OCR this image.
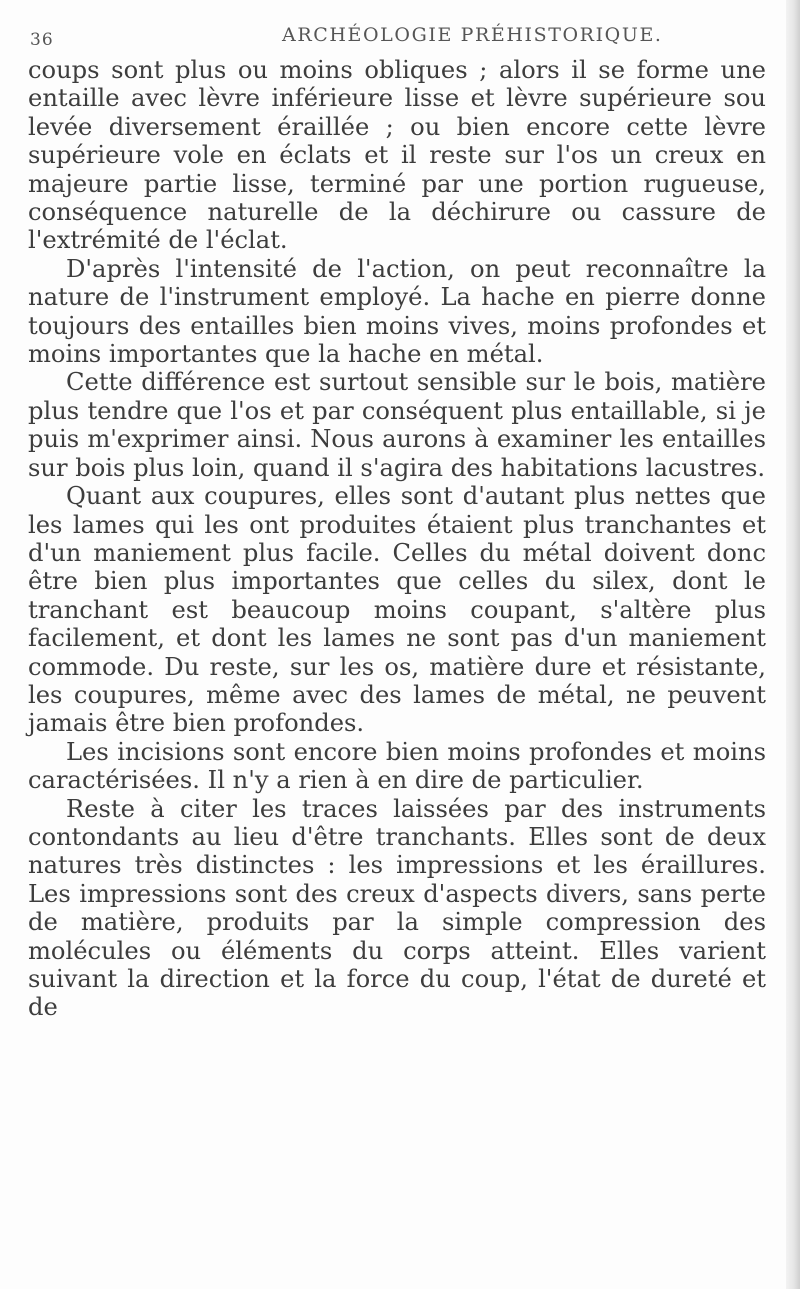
36	ARCHÉOLOGIE PRÉHISTORIQUE.

coups sont plus ou moins obliques ; alors il se forme une entaille avec lèvre inférieure lisse et lèvre supérieure sou levée diversement éraillée ; ou bien encore cette lèvre supérieure vole en éclats et il reste sur l'os un creux en majeure partie lisse, terminé par une portion rugueuse, conséquence naturelle de la déchirure ou cassure de l'extrémité de l'éclat.

D'après l'intensité de l'action, on peut reconnaître la nature de l'instrument employé. La hache en pierre donne toujours des entailles bien moins vives, moins profondes et moins importantes que la hache en métal.

Cette différence est surtout sensible sur le bois, matière plus tendre que l'os et par conséquent plus entaillable, si je puis m'exprimer ainsi. Nous aurons à examiner les entailles sur bois plus loin, quand il s'agira des habitations lacustres.

Quant aux coupures, elles sont d'autant plus nettes que les lames qui les ont produites étaient plus tranchantes et d'un maniement plus facile. Celles du métal doivent donc être bien plus importantes que celles du silex, dont le tranchant est beaucoup moins coupant, s'altère plus facilement, et dont les lames ne sont pas d'un maniement commode. Du reste, sur les os, matière dure et résistante, les coupures, même avec des lames de métal, ne peuvent jamais être bien profondes.

Les incisions sont encore bien moins profondes et moins caractérisées. Il n'y a rien à en dire de particulier.

Reste à citer les traces laissées par des instruments contondants au lieu d'être tranchants. Elles sont de deux natures très distinctes : les impressions et les éraillures. Les impressions sont des creux d'aspects divers, sans perte de matière, produits par la simple compression des molécules ou éléments du corps atteint. Elles varient suivant la direction et la force du coup, l'état de dureté et de
